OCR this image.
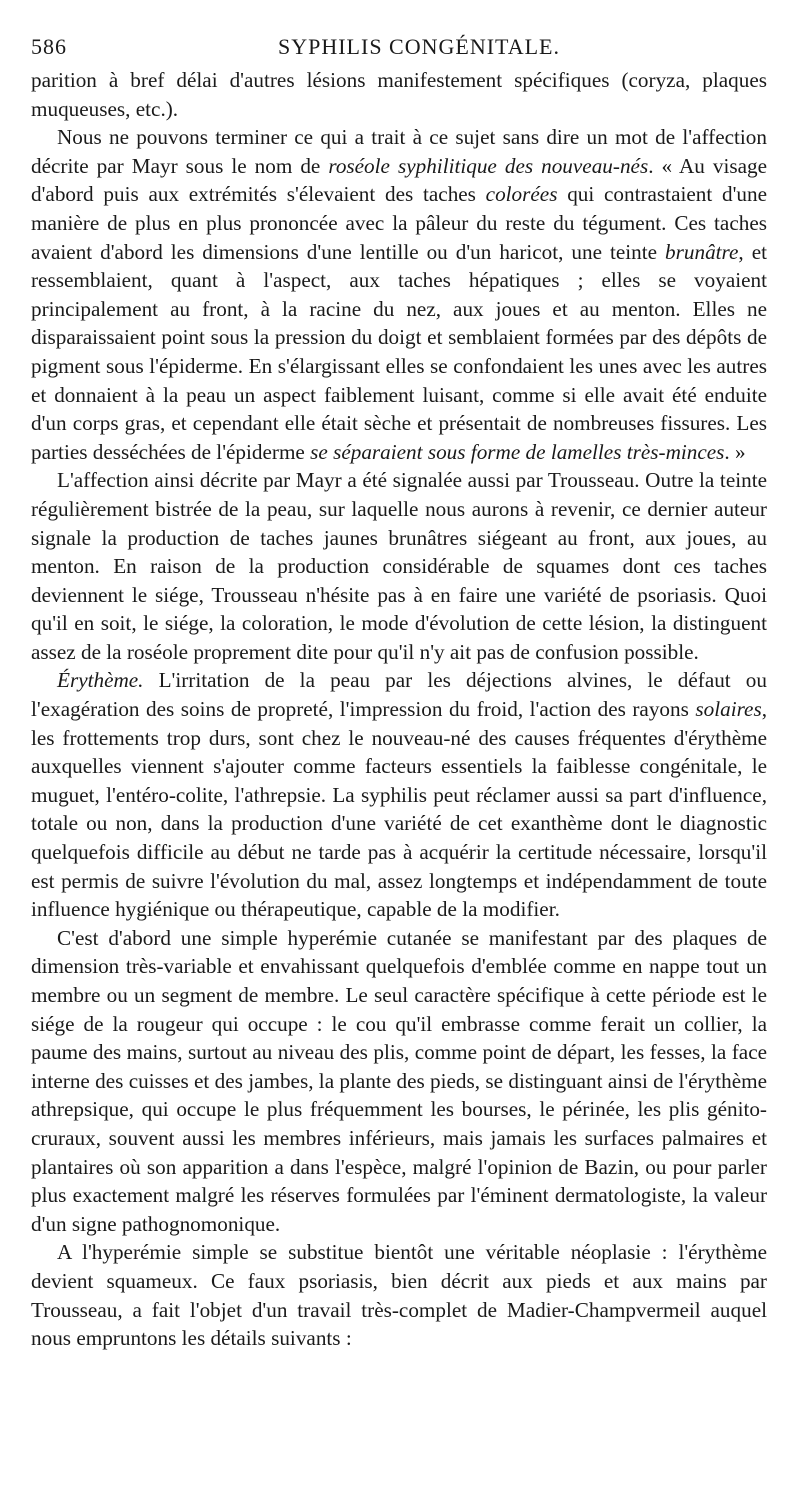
586	SYPHILIS CONGÉNITALE.

parition à bref délai d'autres lésions manifestement spécifiques (coryza, plaques muqueuses, etc.).

Nous ne pouvons terminer ce qui a trait à ce sujet sans dire un mot de l'affection décrite par Mayr sous le nom de roséole syphilitique des nouveau-nés. « Au visage d'abord puis aux extrémités s'élevaient des taches colorées qui contrastaient d'une manière de plus en plus prononcée avec la pâleur du reste du tégument. Ces taches avaient d'abord les dimensions d'une lentille ou d'un haricot, une teinte brunâtre, et ressemblaient, quant à l'aspect, aux taches hépatiques ; elles se voyaient principalement au front, à la racine du nez, aux joues et au menton. Elles ne disparaissaient point sous la pression du doigt et semblaient formées par des dépôts de pigment sous l'épiderme. En s'élargissant elles se confondaient les unes avec les autres et donnaient à la peau un aspect faiblement luisant, comme si elle avait été enduite d'un corps gras, et cependant elle était sèche et présentait de nombreuses fissures. Les parties desséchées de l'épiderme se séparaient sous forme de lamelles très-minces. »

L'affection ainsi décrite par Mayr a été signalée aussi par Trousseau. Outre la teinte régulièrement bistrée de la peau, sur laquelle nous aurons à revenir, ce dernier auteur signale la production de taches jaunes brunâtres siégeant au front, aux joues, au menton. En raison de la production considérable de squames dont ces taches deviennent le siége, Trousseau n'hésite pas à en faire une variété de psoriasis. Quoi qu'il en soit, le siége, la coloration, le mode d'évolution de cette lésion, la distinguent assez de la roséole proprement dite pour qu'il n'y ait pas de confusion possible.

Érythème. L'irritation de la peau par les déjections alvines, le défaut ou l'exagération des soins de propreté, l'impression du froid, l'action des rayons solaires, les frottements trop durs, sont chez le nouveau-né des causes fréquentes d'érythème auxquelles viennent s'ajouter comme facteurs essentiels la faiblesse congénitale, le muguet, l'entéro-colite, l'athrepsie. La syphilis peut réclamer aussi sa part d'influence, totale ou non, dans la production d'une variété de cet exanthème dont le diagnostic quelquefois difficile au début ne tarde pas à acquérir la certitude nécessaire, lorsqu'il est permis de suivre l'évolution du mal, assez longtemps et indépendamment de toute influence hygiénique ou thérapeutique, capable de la modifier.

C'est d'abord une simple hyperémie cutanée se manifestant par des plaques de dimension très-variable et envahissant quelquefois d'emblée comme en nappe tout un membre ou un segment de membre. Le seul caractère spécifique à cette période est le siége de la rougeur qui occupe : le cou qu'il embrasse comme ferait un collier, la paume des mains, surtout au niveau des plis, comme point de départ, les fesses, la face interne des cuisses et des jambes, la plante des pieds, se distinguant ainsi de l'érythème athrepsique, qui occupe le plus fréquemment les bourses, le périnée, les plis génito-cruraux, souvent aussi les membres inférieurs, mais jamais les surfaces palmaires et plantaires où son apparition a dans l'espèce, malgré l'opinion de Bazin, ou pour parler plus exactement malgré les réserves formulées par l'éminent dermatologiste, la valeur d'un signe pathognomonique.

A l'hyperémie simple se substitue bientôt une véritable néoplasie : l'érythème devient squameux. Ce faux psoriasis, bien décrit aux pieds et aux mains par Trousseau, a fait l'objet d'un travail très-complet de Madier-Champvermeil auquel nous empruntons les détails suivants :
